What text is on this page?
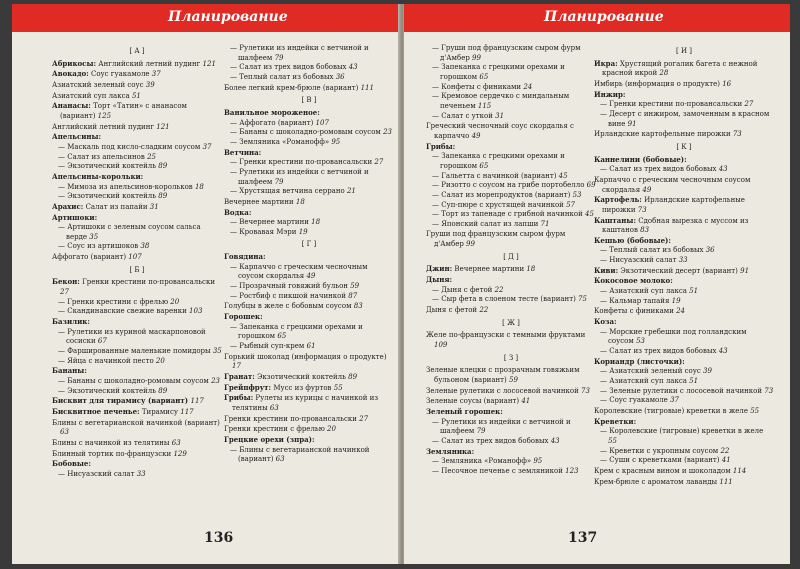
Планирование
[ А ]
Абрикосы: Английский летний пудинг 121
Авокадо: Соус гуакамоле 37
Азиатский зеленый соус 39
Азиатский суп лакса 51
Ананасы: Торт «Татин» с ананасом (вариант) 125
Английский летний пудинг 121
Апельсины:
— Маскаль под кисло-сладким соусом 37
— Салат из апельсинов 25
— Экзотический коктейль 89
Апельсины-корольки:
— Мимоза из апельсинов-корольков 18
— Экзотический коктейль 89
Арахис: Салат из папайи 31
Артишоки:
— Артишоки с зеленым соусом сальса верде 35
— Соус из артишоков 38
Аффогато (вариант) 107
[ Б ]
Бекон: Гренки крестини по-провансальски 27
— Гренки крестини с фрелью 20
— Скандинавские свежие варенки 103
Базилик:
— Рулетики из куриной маскарпоновой сосиски 67
— Фаршированные маленькие помидоры 35
— Яйца с начинкой песто 20
Бананы:
— Бананы с шоколадно-ромовым соусом 23
— Экзотический коктейль 89
Бисквит для тирамису (вариант) 117
Бисквитное печенье: Тирамису 117
Блины с вегетарианской начинкой (вариант) 63
Блины с начинкой из телятины 63
Блинный тортик по-французски 129
Бобовые:
— Нисуазский салат 33
— Рулетики из индейки с ветчиной и шалфеем 79
— Салат из трех видов бобовых 43
— Теплый салат из бобовых 36
Более легкий крем-брюле (вариант) 111
[ В ]
Ванильное мороженое:
— Аффогато (вариант) 107
— Бананы с шоколадно-ромовым соусом 23
— Земляника «Романофф» 95
Ветчина:
— Гренки крестини по-провансальски 27
— Рулетики из индейки с ветчиной и шалфеем 79
— Хрустящая ветчина серрано 21
Вечернее мартини 18
Водка:
— Вечернее мартини 18
— Кровавая Мэри 19
[ Г ]
Говядина:
— Карпаччо с греческим чесночным соусом скордалья 49
— Прозрачный говяжий бульон 59
— Ростбиф с пикшой начинкой 87
Голубцы в желе с бобовым соусом 83
Горошек:
— Запеканка с грецкими орехами и горошком 65
— Рыбный суп-крем 61
Горький шоколад (информация о продукте) 17
Гранат: Экзотический коктейль 89
Грейпфрут: Мусс из фуртов 55
Грибы: Рулеты из курицы с начинкой из телятины 63
Гренки крестини по-провансальски 27
Гренки крестини с фрелью 20
Грецкие орехи (зпра):
— Блины с вегетарианской начинкой (вариант) 63
136
Планирование
— Груши под французским сыром фурм д'Амбер 99
— Запеканка с грецкими орехами и горошком 65
— Конфеты с финиками 24
— Кремовое сердечко с миндальным печеньем 115
— Салат с уткой 31
Греческий чесночный соус скордалья с карпаччо 49
Грибы:
— Запеканка с грецкими орехами и горошком 65
— Гальетта с начинкой (вариант) 45
— Ризотто с соусом на грибе портобелло 69
— Салат из морепродуктов (вариант) 53
— Суп-пюре с хрустящей начинкой 57
— Торт из тапенаде с грибной начинкой 45
— Японский салат из лапши 71
Груши под французским сыром фурм д'Амбер 99
[ Д ]
Джин: Вечернее мартини 18
Дыня:
— Дыня с фетой 22
— Сыр фета в слоеном тесте (вариант) 75
Дыня с фетой 22
[ Ж ]
Желе по-французски с темными фруктами 109
[ З ]
Зеленые клецки с прозрачным говяжьим бульоном (вариант) 59
Зеленые рулетики с лососевой начинкой 73
Зеленые соусы (вариант) 41
Зеленый горошек:
— Рулетики из индейки с ветчиной и шалфеем 79
— Салат из трех видов бобовых 43
Земляника:
— Земляника «Романофф» 95
— Песочное печенье с земляникой 123
[ И ]
Икра: Хрустящий рогалик багета с нежной красной икрой 28
Имбирь (информация о продукте) 16
Инжир:
— Гренки крестини по-провансальски 27
— Десерт с инжиром, замоченным в красном вине 91
Ирландские картофельные пирожки 73
[ К ]
Каннелини (бобовые):
— Салат из трех видов бобовых 43
Карпаччо с греческим чесночным соусом скордалья 49
Картофель: Ирландские картофельные пирожки 73
Каштаны: Сдобная вырезка с муссом из каштанов 83
Кешью (бобовые):
— Теплый салат из бобовых 36
— Нисуазский салат 33
Киви: Экзотический десерт (вариант) 91
Кокосовое молоко:
— Азиатский суп лакса 51
— Кальмар тапайя 19
Конфеты с финиками 24
Коза:
— Морские гребешки под голландским соусом 53
— Салат из трех видов бобовых 43
Кориандр (листочки):
— Азиатский зеленый соус 39
— Азиатский суп лакса 51
— Зеленые рулетики с лососевой начинкой 73
— Соус гуакамоле 37
Королевские (тигровые) креветки в желе 55
Креветки:
— Королевские (тигровые) креветки в желе 55
— Креветки с укропным соусом 22
— Суши с креветками (вариант) 41
Крем с красным вином и шоколадом 114
Крем-брюле с ароматом лаванды 111
137
